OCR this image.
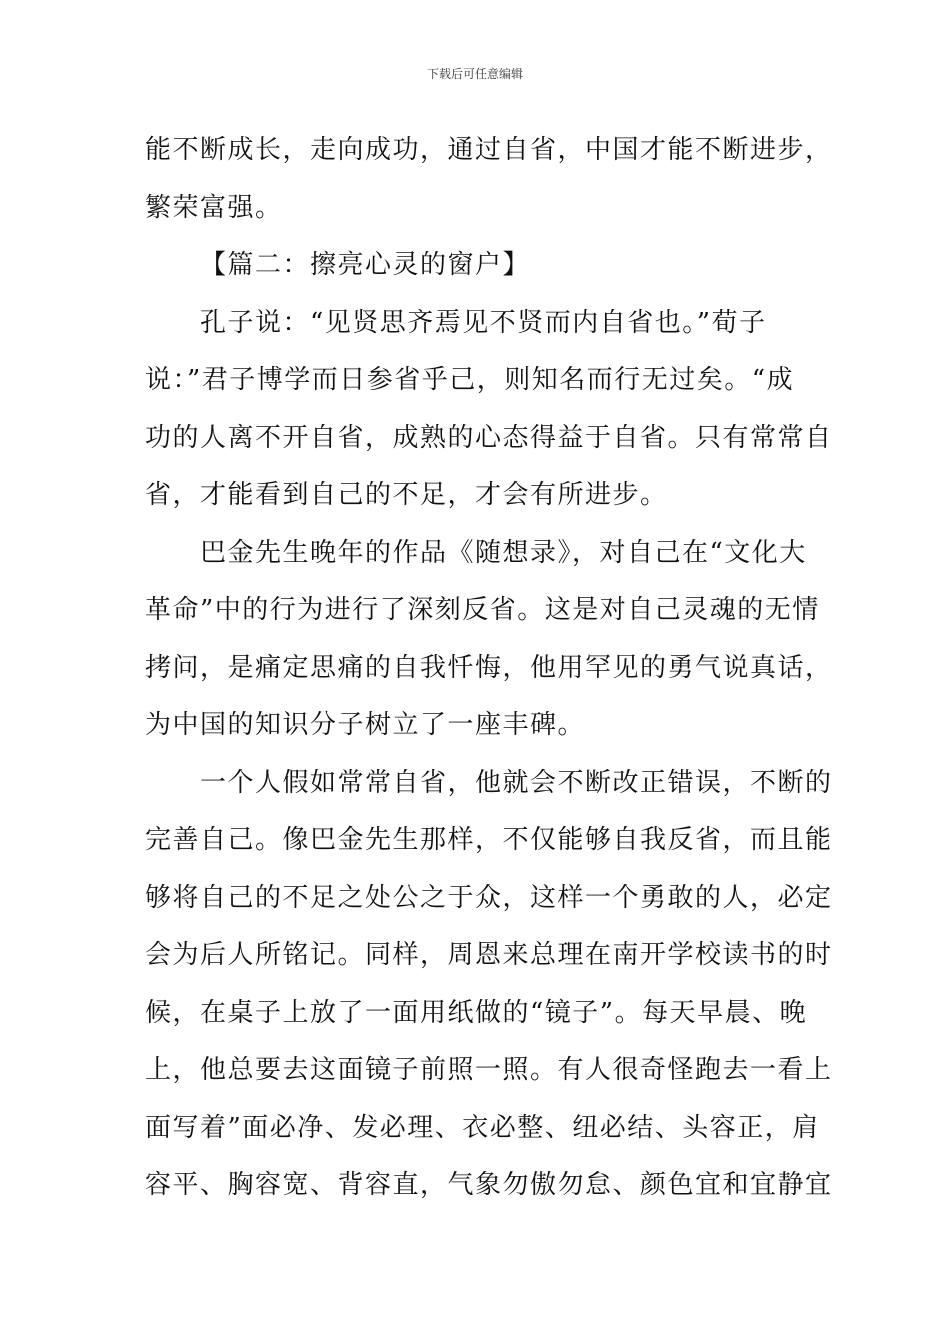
下载后可任意编辑
能不断成长，走向成功，通过自省，中国才能不断进步，
繁荣富强。
【篇二：擦亮心灵的窗户】
孔子说：“见贤思齐焉见不贤而内自省也。”荀子
说：”君子博学而日参省乎己，则知名而行无过矣。“成
功的人离不开自省，成熟的心态得益于自省。只有常常自
省，才能看到自己的不足，才会有所进步。
巴金先生晚年的作品《随想录》，对自己在“文化大
革命”中的行为进行了深刻反省。这是对自己灵魂的无情
拷问，是痛定思痛的自我忏悔，他用罕见的勇气说真话，
为中国的知识分子树立了一座丰碑。
一个人假如常常自省，他就会不断改正错误，不断的
完善自己。像巴金先生那样，不仅能够自我反省，而且能
够将自己的不足之处公之于众，这样一个勇敢的人，必定
会为后人所铭记。同样，周恩来总理在南开学校读书的时
候，在桌子上放了一面用纸做的“镜子”。每天早晨、晚
上，他总要去这面镜子前照一照。有人很奇怪跑去一看上
面写着”面必净、发必理、衣必整、纽必结、头容正，肩
容平、胸容宽、背容直，气象勿傲勿怠、颜色宜和宜静宜
